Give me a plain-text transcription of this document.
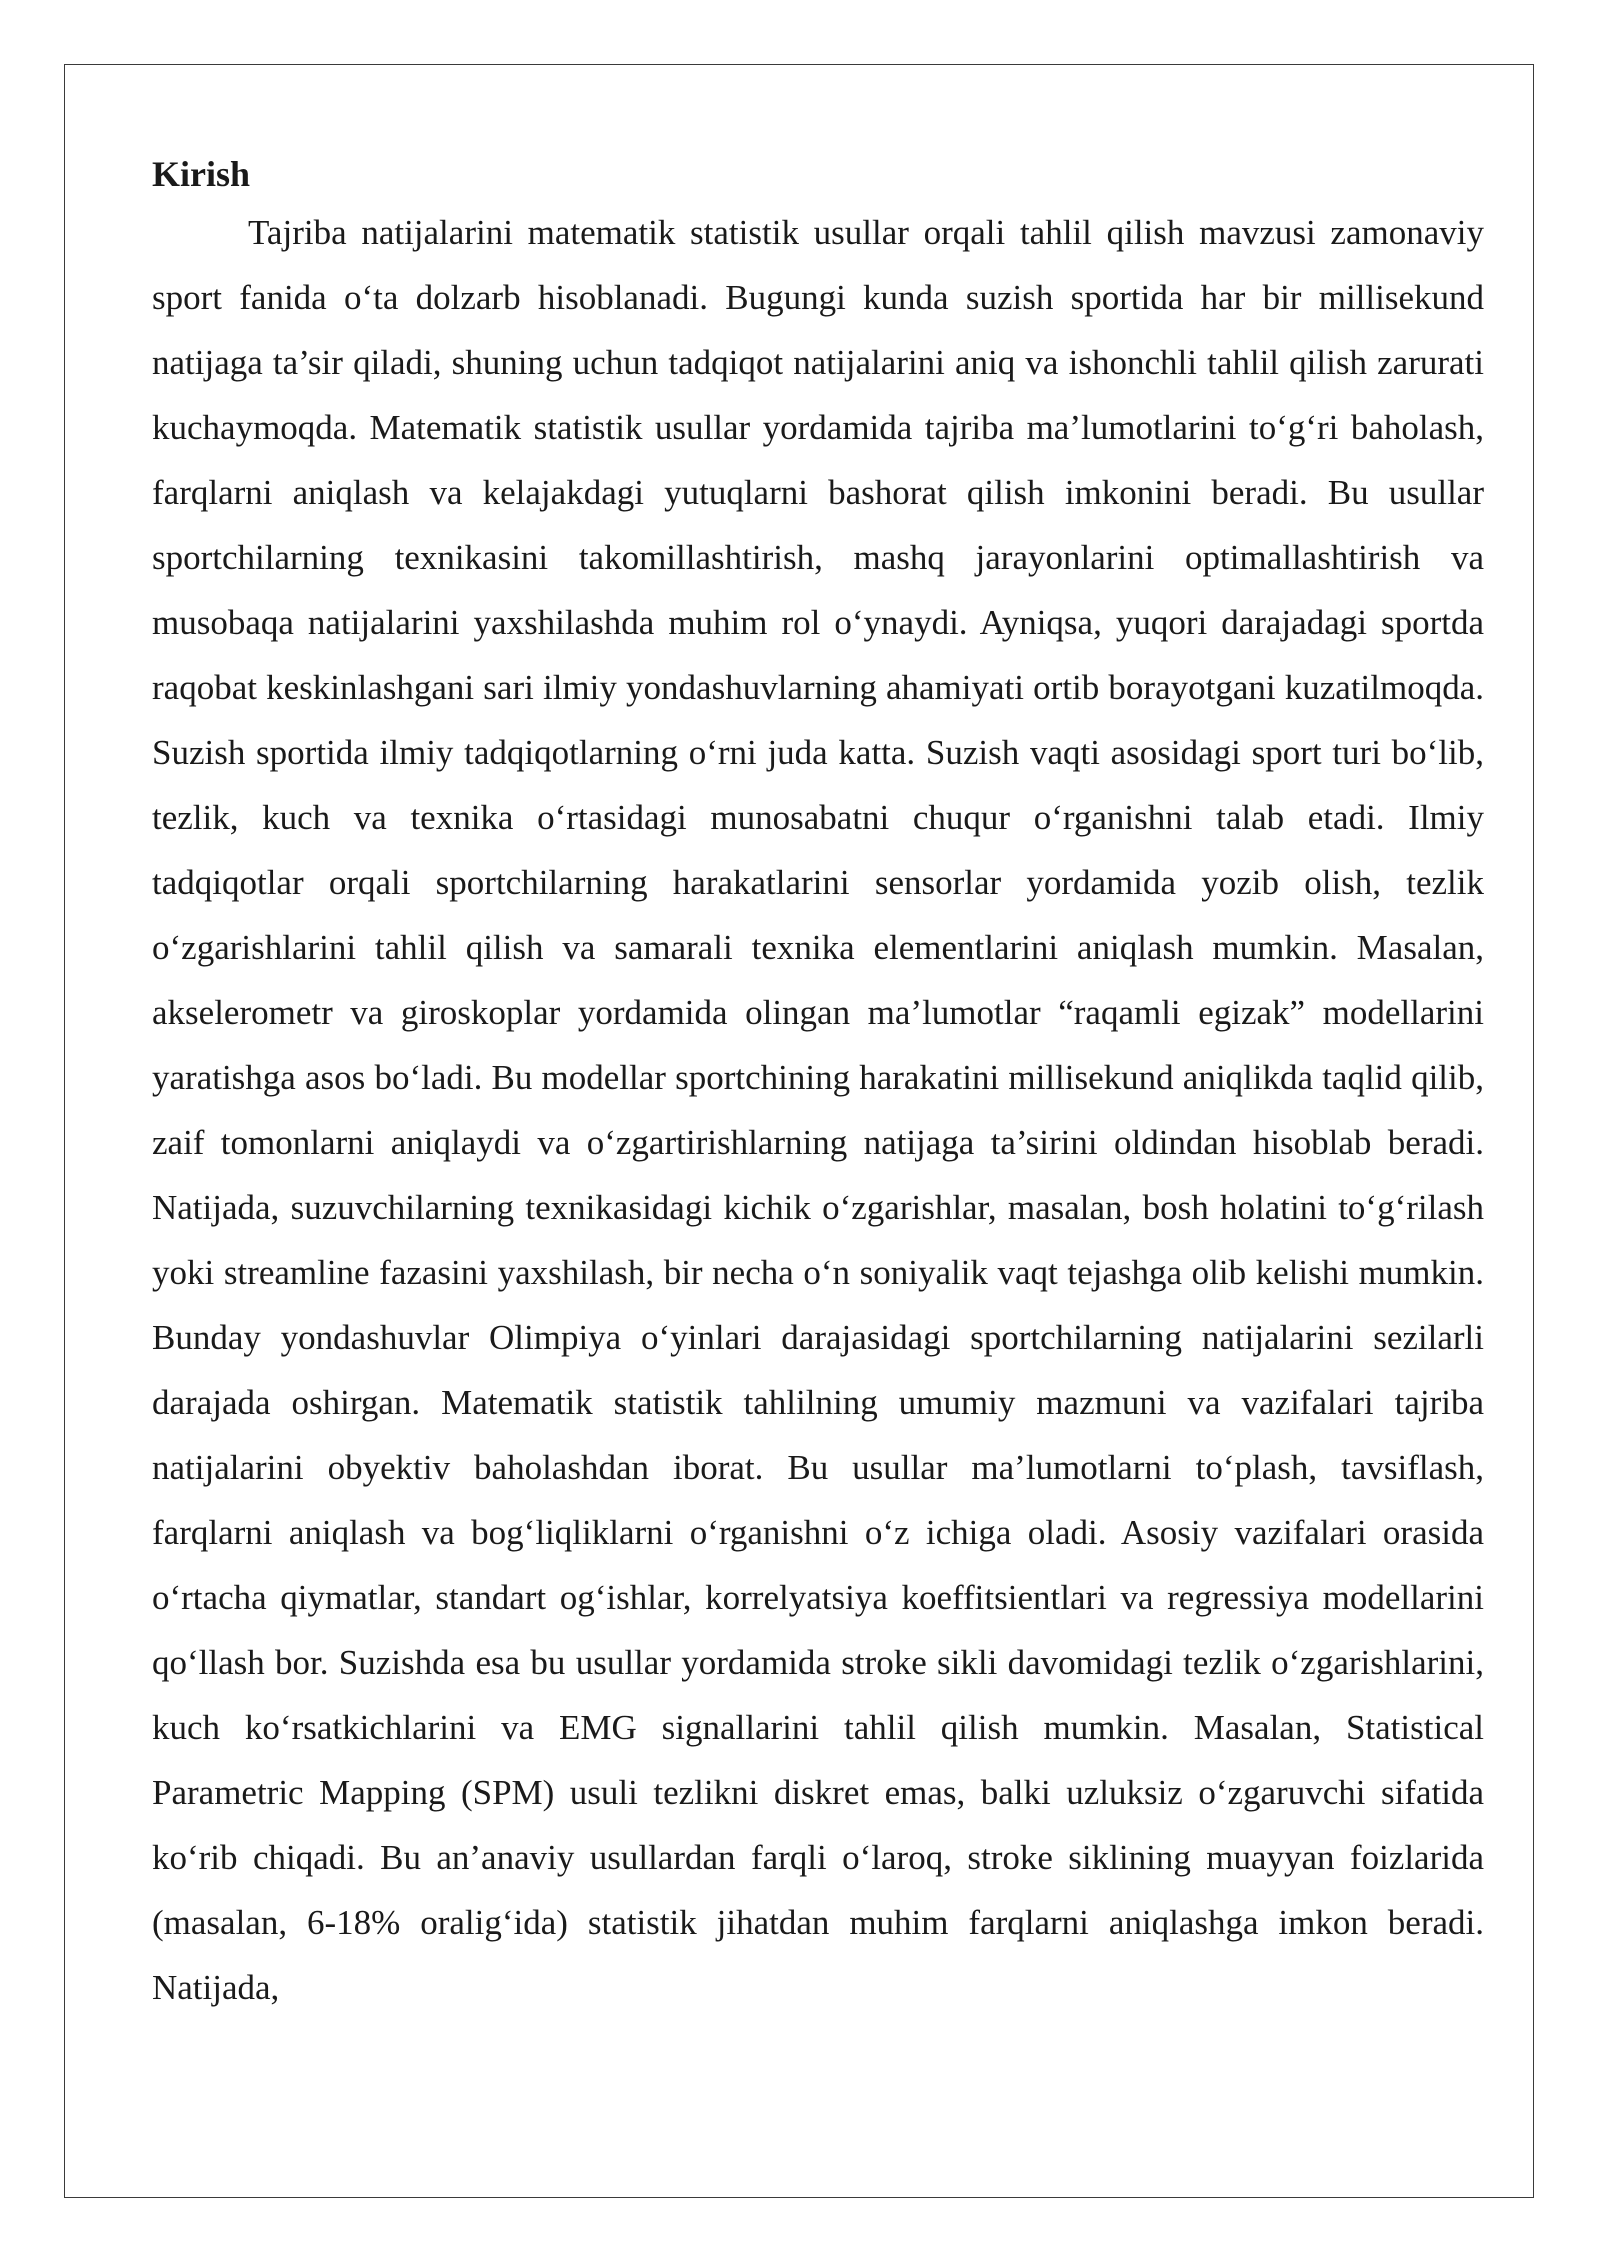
Kirish

Tajriba natijalarini matematik statistik usullar orqali tahlil qilish mavzusi zamonaviy sport fanida o‘ta dolzarb hisoblanadi. Bugungi kunda suzish sportida har bir millisekund natijaga ta’sir qiladi, shuning uchun tadqiqot natijalarini aniq va ishonchli tahlil qilish zarurati kuchaymoqda. Matematik statistik usullar yordamida tajriba ma’lumotlarini to‘g‘ri baholash, farqlarni aniqlash va kelajakdagi yutuqlarni bashorat qilish imkonini beradi. Bu usullar sportchilarning texnikasini takomillashtirish, mashq jarayonlarini optimallashtirish va musobaqa natijalarini yaxshilashda muhim rol o‘ynaydi. Ayniqsa, yuqori darajadagi sportda raqobat keskinlashgani sari ilmiy yondashuvlarning ahamiyati ortib borayotgani kuzatilmoqda. Suzish sportida ilmiy tadqiqotlarning o‘rni juda katta. Suzish vaqti asosidagi sport turi bo‘lib, tezlik, kuch va texnika o‘rtasidagi munosabatni chuqur o‘rganishni talab etadi. Ilmiy tadqiqotlar orqali sportchilarning harakatlarini sensorlar yordamida yozib olish, tezlik o‘zgarishlarini tahlil qilish va samarali texnika elementlarini aniqlash mumkin. Masalan, akselerometr va giroskoplar yordamida olingan ma’lumotlar “raqamli egizak” modellarini yaratishga asos bo‘ladi. Bu modellar sportchining harakatini millisekund aniqlikda taqlid qilib, zaif tomonlarni aniqlaydi va o‘zgartirishlarning natijaga ta’sirini oldindan hisoblab beradi. Natijada, suzuvchilarning texnikasidagi kichik o‘zgarishlar, masalan, bosh holatini to‘g‘rilash yoki streamline fazasini yaxshilash, bir necha o‘n soniyalik vaqt tejashga olib kelishi mumkin. Bunday yondashuvlar Olimpiya o‘yinlari darajasidagi sportchilarning natijalarini sezilarli darajada oshirgan. Matematik statistik tahlilning umumiy mazmuni va vazifalari tajriba natijalarini obyektiv baholashdan iborat. Bu usullar ma’lumotlarni to‘plash, tavsiflash, farqlarni aniqlash va bog‘liqliklarni o‘rganishni o‘z ichiga oladi. Asosiy vazifalari orasida o‘rtacha qiymatlar, standart og‘ishlar, korrelyatsiya koeffitsientlari va regressiya modellarini qo‘llash bor. Suzishda esa bu usullar yordamida stroke sikli davomidagi tezlik o‘zgarishlarini, kuch ko‘rsatkichlarini va EMG signallarini tahlil qilish mumkin. Masalan, Statistical Parametric Mapping (SPM) usuli tezlikni diskret emas, balki uzluksiz o‘zgaruvchi sifatida ko‘rib chiqadi. Bu an’anaviy usullardan farqli o‘laroq, stroke siklining muayyan foizlarida (masalan, 6-18% oralig‘ida) statistik jihatdan muhim farqlarni aniqlashga imkon beradi. Natijada,
